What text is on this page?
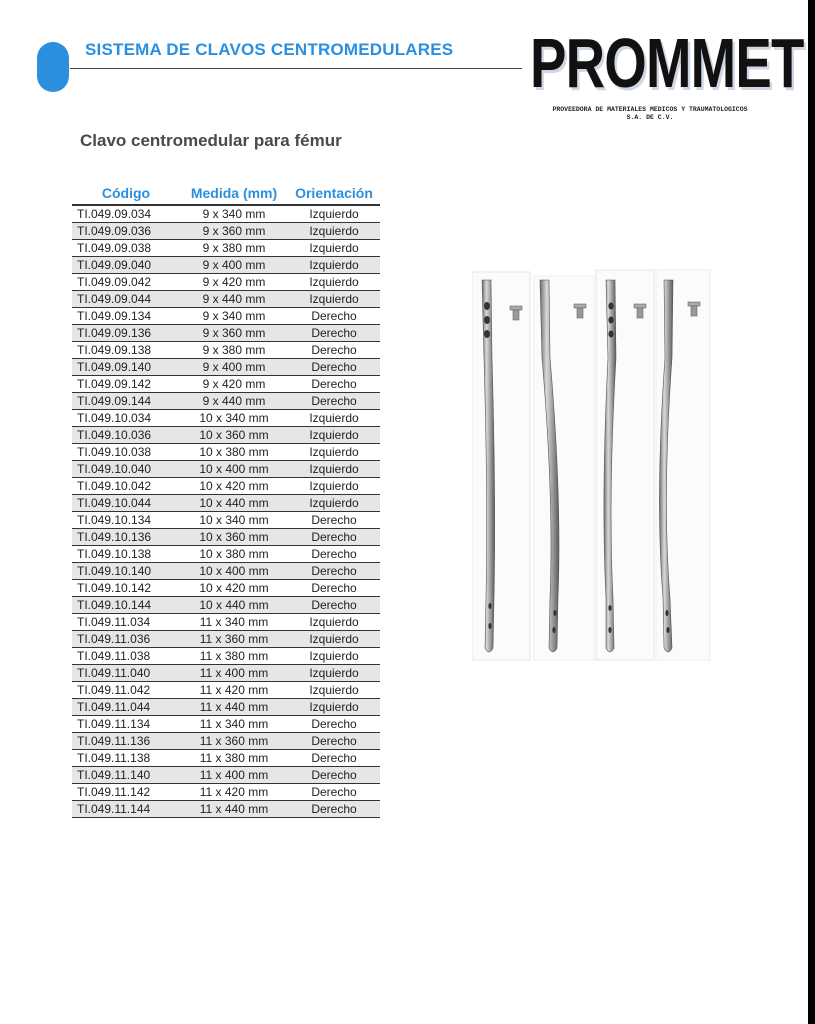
SISTEMA DE CLAVOS CENTROMEDULARES PROMMET
PROVEEDORA DE MATERIALES MEDICOS Y TRAUMATOLOGICOS
S.A. DE C.V.
Clavo centromedular para fémur
Código	Medida (mm)	Orientación
TI.049.09.034	9 x 340 mm	Izquierdo
TI.049.09.036	9 x 360 mm	Izquierdo
TI.049.09.038	9 x 380 mm	Izquierdo
TI.049.09.040	9 x 400 mm	Izquierdo
TI.049.09.042	9 x 420 mm	Izquierdo
TI.049.09.044	9 x 440 mm	Izquierdo
TI.049.09.134	9 x 340 mm	Derecho
TI.049.09.136	9 x 360 mm	Derecho
TI.049.09.138	9 x 380 mm	Derecho
TI.049.09.140	9 x 400 mm	Derecho
TI.049.09.142	9 x 420 mm	Derecho
TI.049.09.144	9 x 440 mm	Derecho
TI.049.10.034	10 x 340 mm	Izquierdo
TI.049.10.036	10 x 360 mm	Izquierdo
TI.049.10.038	10 x 380 mm	Izquierdo
TI.049.10.040	10 x 400 mm	Izquierdo
TI.049.10.042	10 x 420 mm	Izquierdo
TI.049.10.044	10 x 440 mm	Izquierdo
TI.049.10.134	10 x 340 mm	Derecho
TI.049.10.136	10 x 360 mm	Derecho
TI.049.10.138	10 x 380 mm	Derecho
TI.049.10.140	10 x 400 mm	Derecho
TI.049.10.142	10 x 420 mm	Derecho
TI.049.10.144	10 x 440 mm	Derecho
TI.049.11.034	11 x 340 mm	Izquierdo
TI.049.11.036	11 x 360 mm	Izquierdo
TI.049.11.038	11 x 380 mm	Izquierdo
TI.049.11.040	11 x 400 mm	Izquierdo
TI.049.11.042	11 x 420 mm	Izquierdo
TI.049.11.044	11 x 440 mm	Izquierdo
TI.049.11.134	11 x 340 mm	Derecho
TI.049.11.136	11 x 360 mm	Derecho
TI.049.11.138	11 x 380 mm	Derecho
TI.049.11.140	11 x 400 mm	Derecho
TI.049.11.142	11 x 420 mm	Derecho
TI.049.11.144	11 x 440 mm	Derecho
